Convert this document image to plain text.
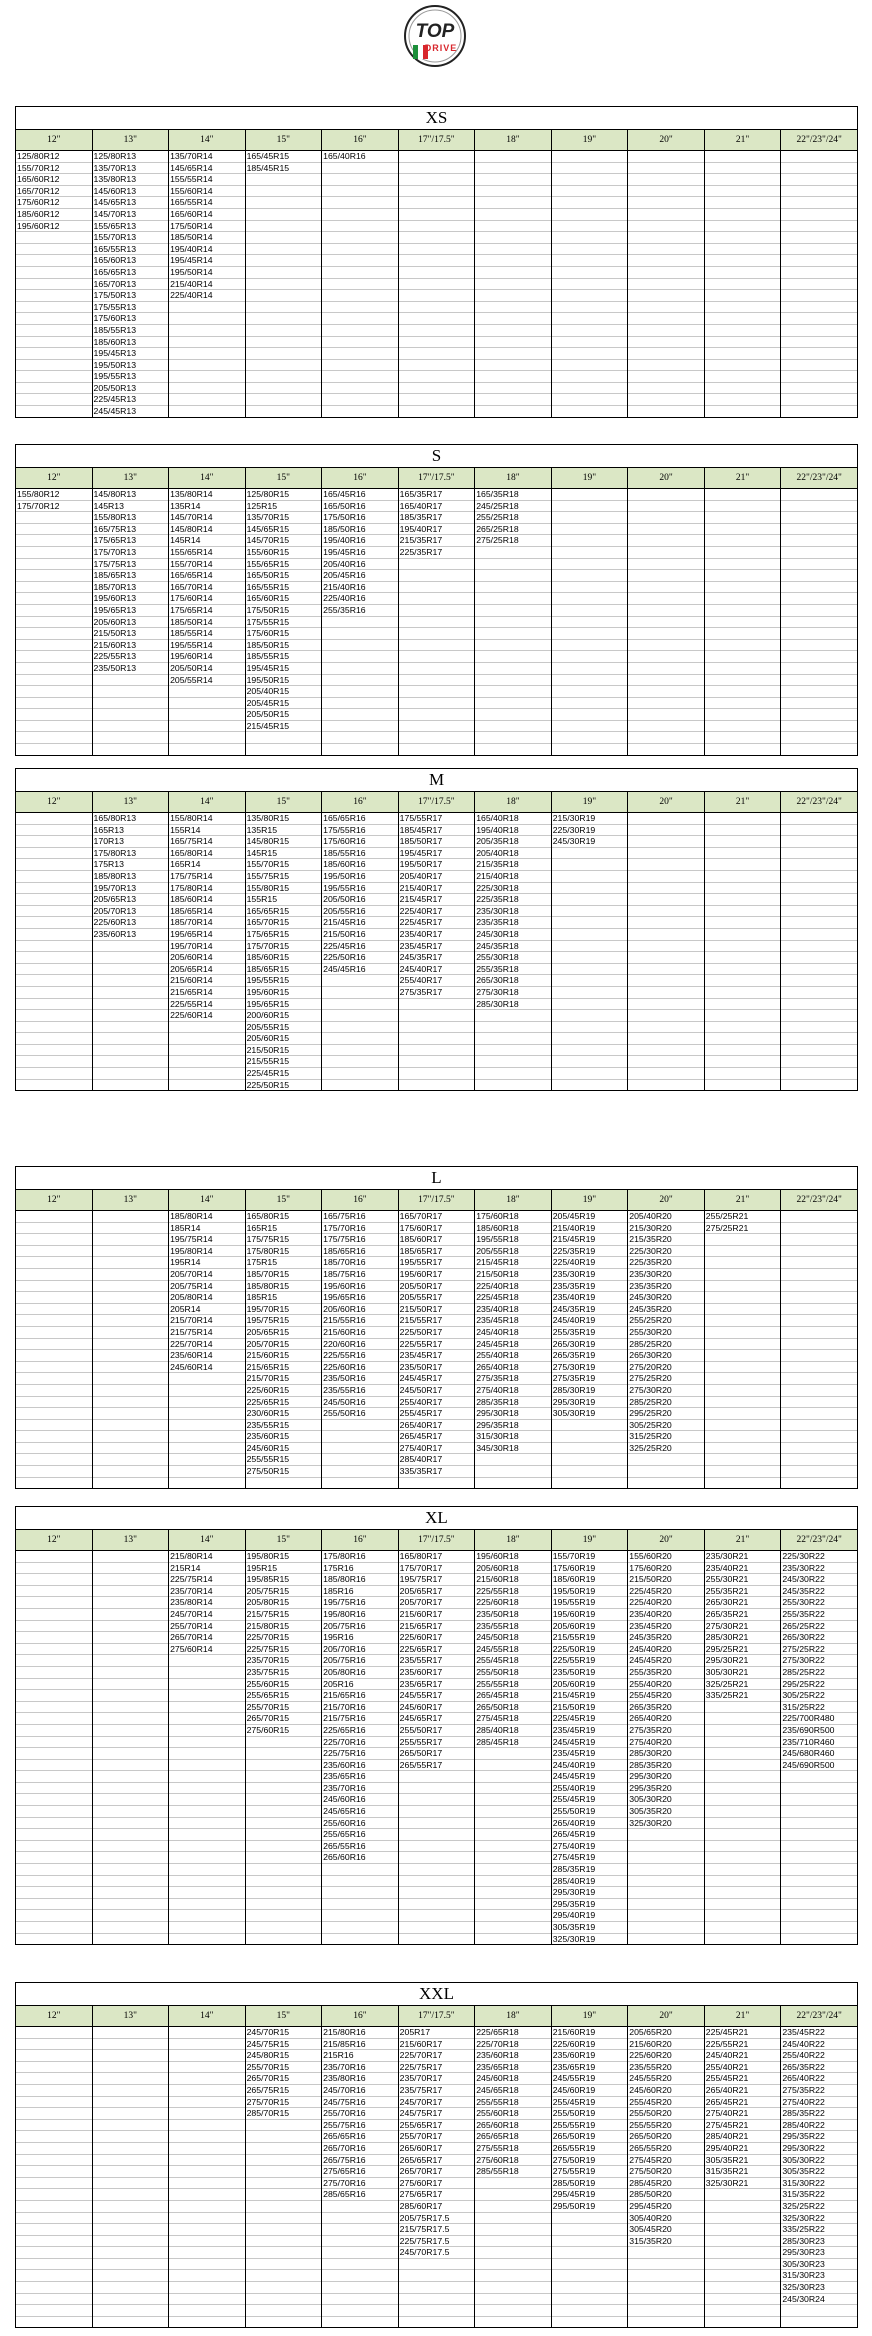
TOP
DRIVE
XS										
12"	13"	14"	15"	16"	17"/17.5"	18"	19"	20"	21"	22"/23"/24"
125/80R12	125/80R13	135/70R14	165/45R15	165/40R16						
155/70R12	135/70R13	145/65R14	185/45R15							
165/60R12	135/80R13	155/55R14								
165/70R12	145/60R13	155/60R14								
175/60R12	145/65R13	165/55R14								
185/60R12	145/70R13	165/60R14								
195/60R12	155/65R13	175/50R14								
	155/70R13	185/50R14								
	165/55R13	195/40R14								
	165/60R13	195/45R14								
	165/65R13	195/50R14								
	165/70R13	215/40R14								
	175/50R13	225/40R14								
	175/55R13									
	175/60R13									
	185/55R13									
	185/60R13									
	195/45R13									
	195/50R13									
	195/55R13									
	205/50R13									
	225/45R13									
	245/45R13									
S										
12"	13"	14"	15"	16"	17"/17.5"	18"	19"	20"	21"	22"/23"/24"
155/80R12	145/80R13	135/80R14	125/80R15	165/45R16	165/35R17	165/35R18				
175/70R12	145R13	135R14	125R15	165/50R16	165/40R17	245/25R18				
	155/80R13	145/70R14	135/70R15	175/50R16	185/35R17	255/25R18				
	165/75R13	145/80R14	145/65R15	185/50R16	195/40R17	265/25R18				
	175/65R13	145R14	145/70R15	195/40R16	215/35R17	275/25R18				
	175/70R13	155/65R14	155/60R15	195/45R16	225/35R17					
	175/75R13	155/70R14	155/65R15	205/40R16						
	185/65R13	165/65R14	165/50R15	205/45R16						
	185/70R13	165/70R14	165/55R15	215/40R16						
	195/60R13	175/60R14	165/60R15	225/40R16						
	195/65R13	175/65R14	175/50R15	255/35R16						
	205/60R13	185/50R14	175/55R15							
	215/50R13	185/55R14	175/60R15							
	215/60R13	195/55R14	185/50R15							
	225/55R13	195/60R14	185/55R15							
	235/50R13	205/50R14	195/45R15							
		205/55R14	195/50R15							
			205/40R15							
			205/45R15							
			205/50R15							
			215/45R15							

M										
12"	13"	14"	15"	16"	17"/17.5"	18"	19"	20"	21"	22"/23"/24"
	165/80R13	155/80R14	135/80R15	165/65R16	175/55R17	165/40R18	215/30R19			
	165R13	155R14	135R15	175/55R16	185/45R17	195/40R18	225/30R19			
	170R13	165/75R14	145/80R15	175/60R16	185/50R17	205/35R18	245/30R19			
	175/80R13	165/80R14	145R15	185/55R16	195/45R17	205/40R18				
	175R13	165R14	155/70R15	185/60R16	195/50R17	215/35R18				
	185/80R13	175/75R14	155/75R15	195/50R16	205/40R17	215/40R18				
	195/70R13	175/80R14	155/80R15	195/55R16	215/40R17	225/30R18				
	205/65R13	185/60R14	155R15	205/50R16	215/45R17	225/35R18				
	205/70R13	185/65R14	165/65R15	205/55R16	225/40R17	235/30R18				
	225/60R13	185/70R14	165/70R15	215/45R16	225/45R17	235/35R18				
	235/60R13	195/65R14	175/65R15	215/50R16	235/40R17	245/30R18				
		195/70R14	175/70R15	225/45R16	235/45R17	245/35R18				
		205/60R14	185/60R15	225/50R16	245/35R17	255/30R18				
		205/65R14	185/65R15	245/45R16	245/40R17	255/35R18				
		215/60R14	195/55R15		255/40R17	265/30R18				
		215/65R14	195/60R15		275/35R17	275/30R18				
		225/55R14	195/65R15			285/30R18				
		225/60R14	200/60R15							
			205/55R15							
			205/60R15							
			215/50R15							
			215/55R15							
			225/45R15							
			225/50R15							
L										
12"	13"	14"	15"	16"	17"/17.5"	18"	19"	20"	21"	22"/23"/24"
		185/80R14	165/80R15	165/75R16	165/70R17	175/60R18	205/45R19	205/40R20	255/25R21	
		185R14	165R15	175/70R16	175/60R17	185/60R18	215/40R19	215/30R20	275/25R21	
		195/75R14	175/75R15	175/75R16	185/60R17	195/55R18	215/45R19	215/35R20		
		195/80R14	175/80R15	185/65R16	185/65R17	205/55R18	225/35R19	225/30R20		
		195R14	175R15	185/70R16	195/55R17	215/45R18	225/40R19	225/35R20		
		205/70R14	185/70R15	185/75R16	195/60R17	215/50R18	235/30R19	235/30R20		
		205/75R14	185/80R15	195/60R16	205/50R17	225/40R18	235/35R19	235/35R20		
		205/80R14	185R15	195/65R16	205/55R17	225/45R18	235/40R19	245/30R20		
		205R14	195/70R15	205/60R16	215/50R17	235/40R18	245/35R19	245/35R20		
		215/70R14	195/75R15	215/55R16	215/55R17	235/45R18	245/40R19	255/25R20		
		215/75R14	205/65R15	215/60R16	225/50R17	245/40R18	255/35R19	255/30R20		
		225/70R14	205/70R15	220/60R16	225/55R17	245/45R18	265/30R19	285/25R20		
		235/60R14	215/60R15	225/55R16	235/45R17	255/40R18	265/35R19	265/30R20		
		245/60R14	215/65R15	225/60R16	235/50R17	265/40R18	275/30R19	275/20R20		
			215/70R15	235/50R16	245/45R17	275/35R18	275/35R19	275/25R20		
			225/60R15	235/55R16	245/50R17	275/40R18	285/30R19	275/30R20		
			225/65R15	245/50R16	255/40R17	285/35R18	295/30R19	285/25R20		
			230/60R15	255/50R16	255/45R17	295/30R18	305/30R19	295/25R20		
			235/55R15		265/40R17	295/35R18		305/25R20		
			235/60R15		265/45R17	315/30R18		315/25R20		
			245/60R15		275/40R17	345/30R18		325/25R20		
			255/55R15		285/40R17					
			275/50R15		335/35R17					

XL										
12"	13"	14"	15"	16"	17"/17.5"	18"	19"	20"	21"	22"/23"/24"
		215/80R14	195/80R15	175/80R16	165/80R17	195/60R18	155/70R19	155/60R20	235/30R21	225/30R22
		215R14	195R15	175R16	175/70R17	205/60R18	175/60R19	175/60R20	235/40R21	235/30R22
		225/75R14	195/85R15	185/80R16	195/75R17	215/60R18	185/60R19	215/50R20	255/30R21	245/30R22
		235/70R14	205/75R15	185R16	205/65R17	225/55R18	195/50R19	225/45R20	255/35R21	245/35R22
		235/80R14	205/80R15	195/75R16	205/70R17	225/60R18	195/55R19	225/40R20	265/30R21	255/30R22
		245/70R14	215/75R15	195/80R16	215/60R17	235/50R18	195/60R19	235/40R20	265/35R21	255/35R22
		255/70R14	215/80R15	205/75R16	215/65R17	235/55R18	205/60R19	235/45R20	275/30R21	265/25R22
		265/70R14	225/70R15	195R16	225/60R17	245/50R18	215/55R19	245/35R20	285/30R21	265/30R22
		275/60R14	225/75R15	205/70R16	225/65R17	245/55R18	225/50R19	245/40R20	295/25R21	275/25R22
			235/70R15	205/75R16	235/55R17	255/45R18	225/55R19	245/45R20	295/30R21	275/30R22
			235/75R15	205/80R16	235/60R17	255/50R18	235/50R19	255/35R20	305/30R21	285/25R22
			255/60R15	205R16	235/65R17	255/55R18	205/60R19	255/40R20	325/25R21	295/25R22
			255/65R15	215/65R16	245/55R17	265/45R18	215/45R19	255/45R20	335/25R21	305/25R22
			255/70R15	215/70R16	245/60R17	265/50R18	215/50R19	265/35R20		315/25R22
			265/70R15	215/75R16	245/65R17	275/45R18	225/45R19	265/40R20		225/700R480
			275/60R15	225/65R16	255/50R17	285/40R18	235/45R19	275/35R20		235/690R500
				225/70R16	255/55R17	285/45R18	245/45R19	275/40R20		235/710R460
				225/75R16	265/50R17		235/45R19	285/30R20		245/680R460
				235/60R16	265/55R17		245/40R19	285/35R20		245/690R500
				235/65R16			245/45R19	295/30R20		
				235/70R16			255/40R19	295/35R20		
				245/60R16			255/45R19	305/30R20		
				245/65R16			255/50R19	305/35R20		
				255/60R16			265/40R19	325/30R20		
				255/65R16			265/45R19			
				265/55R16			275/40R19			
				265/60R16			275/45R19			
							285/35R19			
							285/40R19			
							295/30R19			
							295/35R19			
							295/40R19			
							305/35R19			
							325/30R19			
XXL										
12"	13"	14"	15"	16"	17"/17.5"	18"	19"	20"	21"	22"/23"/24"
			245/70R15	215/80R16	205R17	225/65R18	215/60R19	205/65R20	225/45R21	235/45R22
			245/75R15	215/85R16	215/60R17	225/70R18	225/60R19	215/60R20	225/55R21	245/40R22
			245/80R15	215R16	225/70R17	235/60R18	235/60R19	225/60R20	245/40R21	255/40R22
			255/70R15	235/70R16	225/75R17	235/65R18	235/65R19	235/55R20	255/40R21	265/35R22
			265/70R15	235/80R16	235/70R17	245/60R18	245/55R19	245/55R20	255/45R21	265/40R22
			265/75R15	245/70R16	235/75R17	245/65R18	245/60R19	245/60R20	265/40R21	275/35R22
			275/70R15	245/75R16	245/70R17	255/55R18	255/45R19	255/45R20	265/45R21	275/40R22
			285/70R15	255/70R16	245/75R17	255/60R18	255/50R19	255/50R20	275/40R21	285/35R22
				255/75R16	255/65R17	265/60R18	255/55R19	255/55R20	275/45R21	285/40R22
				265/65R16	255/70R17	265/65R18	265/50R19	265/50R20	285/40R21	295/35R22
				265/70R16	265/60R17	275/55R18	265/55R19	265/55R20	295/40R21	295/30R22
				265/75R16	265/65R17	275/60R18	275/50R19	275/45R20	305/35R21	305/30R22
				275/65R16	265/70R17	285/55R18	275/55R19	275/50R20	315/35R21	305/35R22
				275/70R16	275/60R17		285/50R19	285/45R20	325/30R21	315/30R22
				285/65R16	275/65R17		295/45R19	285/50R20		315/35R22
					285/60R17		295/50R19	295/45R20		325/25R22
					205/75R17.5			305/40R20		325/30R22
					215/75R17.5			305/45R20		335/25R22
					225/75R17.5			315/35R20		285/30R23
					245/70R17.5					295/30R23
										305/30R23
										315/30R23
										325/30R23
										245/30R24
